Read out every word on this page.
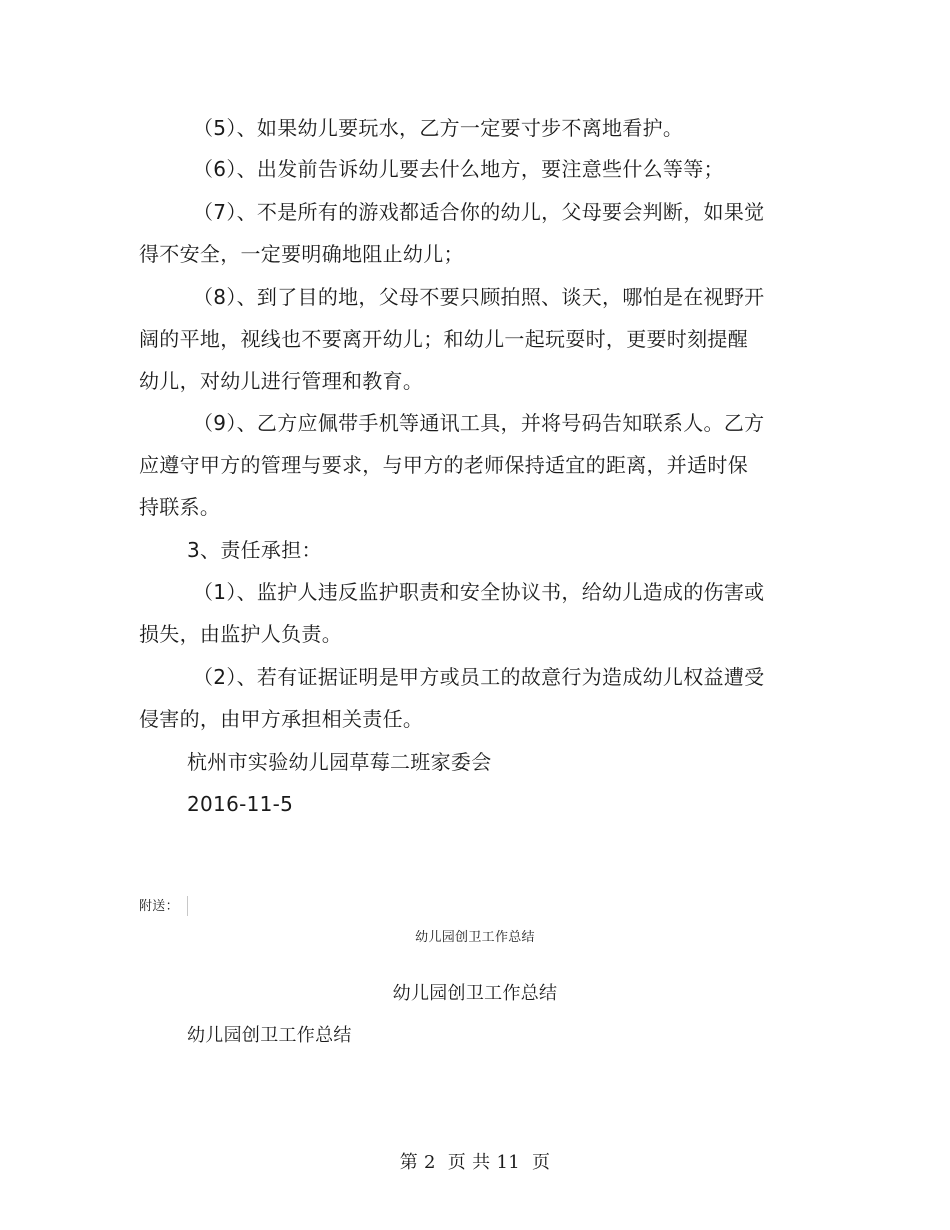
（5）、如果幼儿要玩水，乙方一定要寸步不离地看护。
（6）、出发前告诉幼儿要去什么地方，要注意些什么等等；
（7）、不是所有的游戏都适合你的幼儿，父母要会判断，如果觉
得不安全，一定要明确地阻止幼儿；
（8）、到了目的地，父母不要只顾拍照、谈天，哪怕是在视野开
阔的平地，视线也不要离开幼儿；和幼儿一起玩耍时，更要时刻提醒
幼儿，对幼儿进行管理和教育。
（9）、乙方应佩带手机等通讯工具，并将号码告知联系人。乙方
应遵守甲方的管理与要求，与甲方的老师保持适宜的距离，并适时保
持联系。
3、责任承担：
（1）、监护人违反监护职责和安全协议书，给幼儿造成的伤害或
损失，由监护人负责。
（2）、若有证据证明是甲方或员工的故意行为造成幼儿权益遭受
侵害的，由甲方承担相关责任。
杭州市实验幼儿园草莓二班家委会
2016-11-5
附送：
幼儿园创卫工作总结
幼儿园创卫工作总结
幼儿园创卫工作总结
第 2  页 共 11  页
